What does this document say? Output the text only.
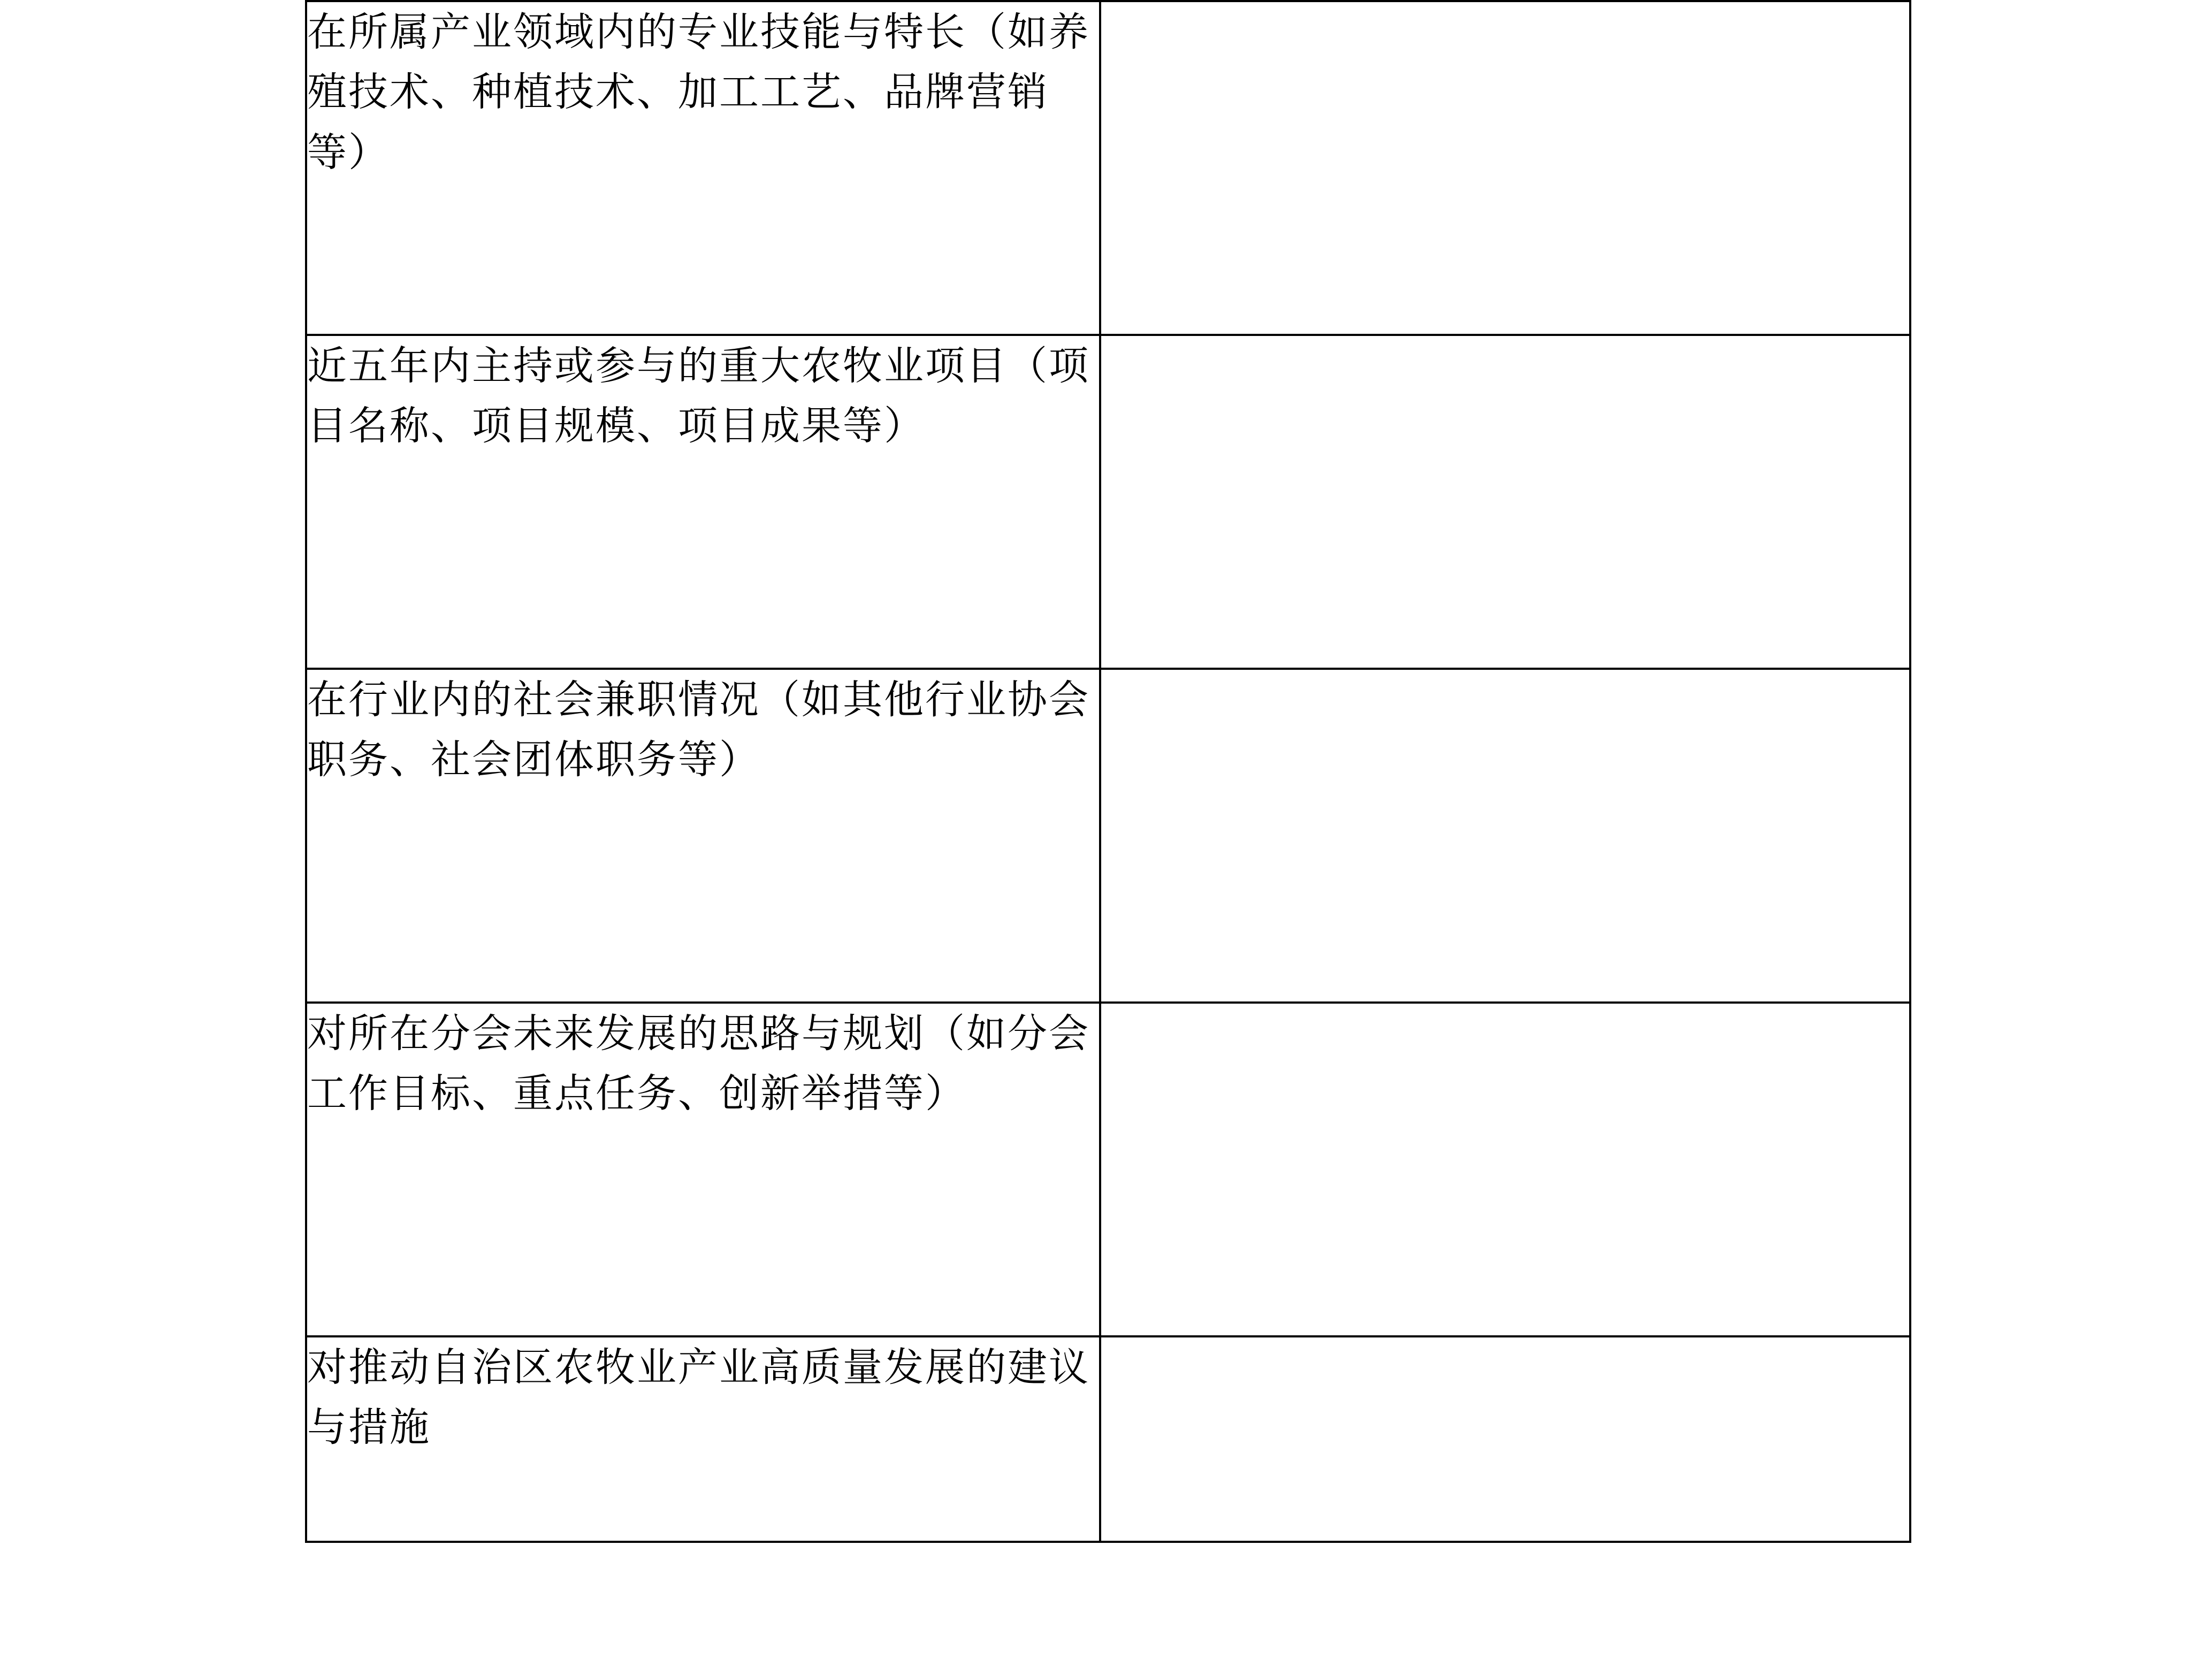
在所属产业领域内的专业技能与特长（如养殖技术、种植技术、加工工艺、品牌营销等）	

近五年内主持或参与的重大农牧业项目（项目名称、项目规模、项目成果等）	

在行业内的社会兼职情况（如其他行业协会职务、社会团体职务等）	

对所在分会未来发展的思路与规划（如分会工作目标、重点任务、创新举措等）	

对推动自治区农牧业产业高质量发展的建议与措施	
